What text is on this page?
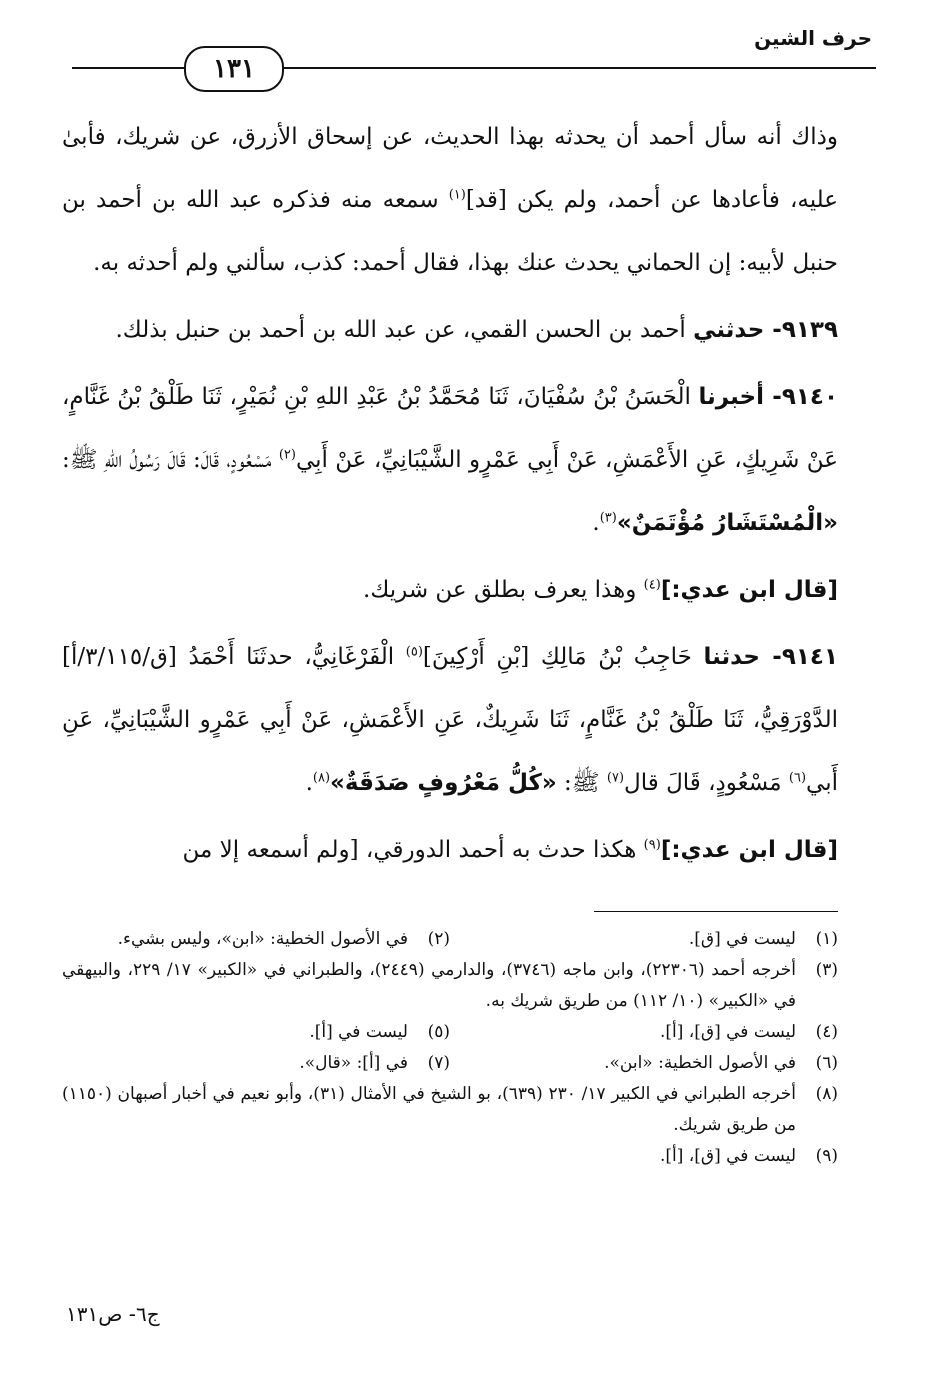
١٣١
حرف الشين

وذاك أنه سأل أحمد أن يحدثه بهذا الحديث، عن إسحاق الأزرق، عن شريك، فأبىٰ عليه، فأعادها عن أحمد، ولم يكن [قد]$^{(١)}$ سمعه منه فذكره عبد الله بن أحمد بن حنبل لأبيه: إن الحماني يحدث عنك بهذا، فقال أحمد: كذب، سألني ولم أحدثه به.

٩١٣٩- حدثني أحمد بن الحسن القمي، عن عبد الله بن أحمد بن حنبل بذلك.

٩١٤٠- أخبرنا الْحَسَنُ بْنُ سُفْيَانَ، ثَنَا مُحَمَّدُ بْنُ عَبْدِ اللهِ بْنِ نُمَيْرٍ، ثَنَا طَلْقُ بْنُ غَنَّامٍ، عَنْ شَرِيكٍ، عَنِ الأَعْمَشِ، عَنْ أَبِي عَمْرٍو الشَّيْبَانِيِّ، عَنْ أَبِي$^{(٢)}$ مَسْعُودٍ، قَالَ: قَالَ رَسُولُ اللهِ ﷺ: «الْمُسْتَشَارُ مُؤْتَمَنٌ»$^{(٣)}$.

[قال ابن عدي:]$^{(٤)}$ وهذا يعرف بطلق عن شريك.

٩١٤١- حدثنا حَاجِبُ بْنُ مَالِكِ [بْنِ أَرْكِينَ]$^{(٥)}$ الْفَرْغَانِيُّ، حدثَنَا أَحْمَدُ [ق/٣/١١٥/أ] الدَّوْرَقِيُّ، ثَنَا طَلْقُ بْنُ غَنَّامٍ، ثَنَا شَرِيكٌ، عَنِ الأَعْمَشِ، عَنْ أَبِي عَمْرٍو الشَّيْبَانِيِّ، عَنِ أَبي$^{(٦)}$ مَسْعُودٍ، قَالَ قال$^{(٧)}$ ﷺ: «كُلُّ مَعْرُوفٍ صَدَقَةٌ»$^{(٨)}$.

[قال ابن عدي:]$^{(٩)}$ هكذا حدث به أحمد الدورقي، [ولم أسمعه إلا من

(١)
ليست في [ق].
(٢)
في الأصول الخطية: «ابن»، وليس بشيء.
(٣)
أخرجه أحمد (٢٢٣٠٦)، وابن ماجه (٣٧٤٦)، والدارمي (٢٤٤٩)، والطبراني في «الكبير» ١٧/ ٢٢٩، والبيهقي في «الكبير» (١٠/ ١١٢) من طريق شريك به.
(٤)
ليست في [ق]، [أ].
(٥)
ليست في [أ].
(٦)
في الأصول الخطية: «ابن».
(٧)
في [أ]: «قال».
(٨)
أخرجه الطبراني في الكبير ١٧/ ٢٣٠ (٦٣٩)، بو الشيخ في الأمثال (٣١)، وأبو نعيم في أخبار أصبهان (١١٥٠) من طريق شريك.
(٩)
ليست في [ق]، [أ].
ج٦- ص١٣١
